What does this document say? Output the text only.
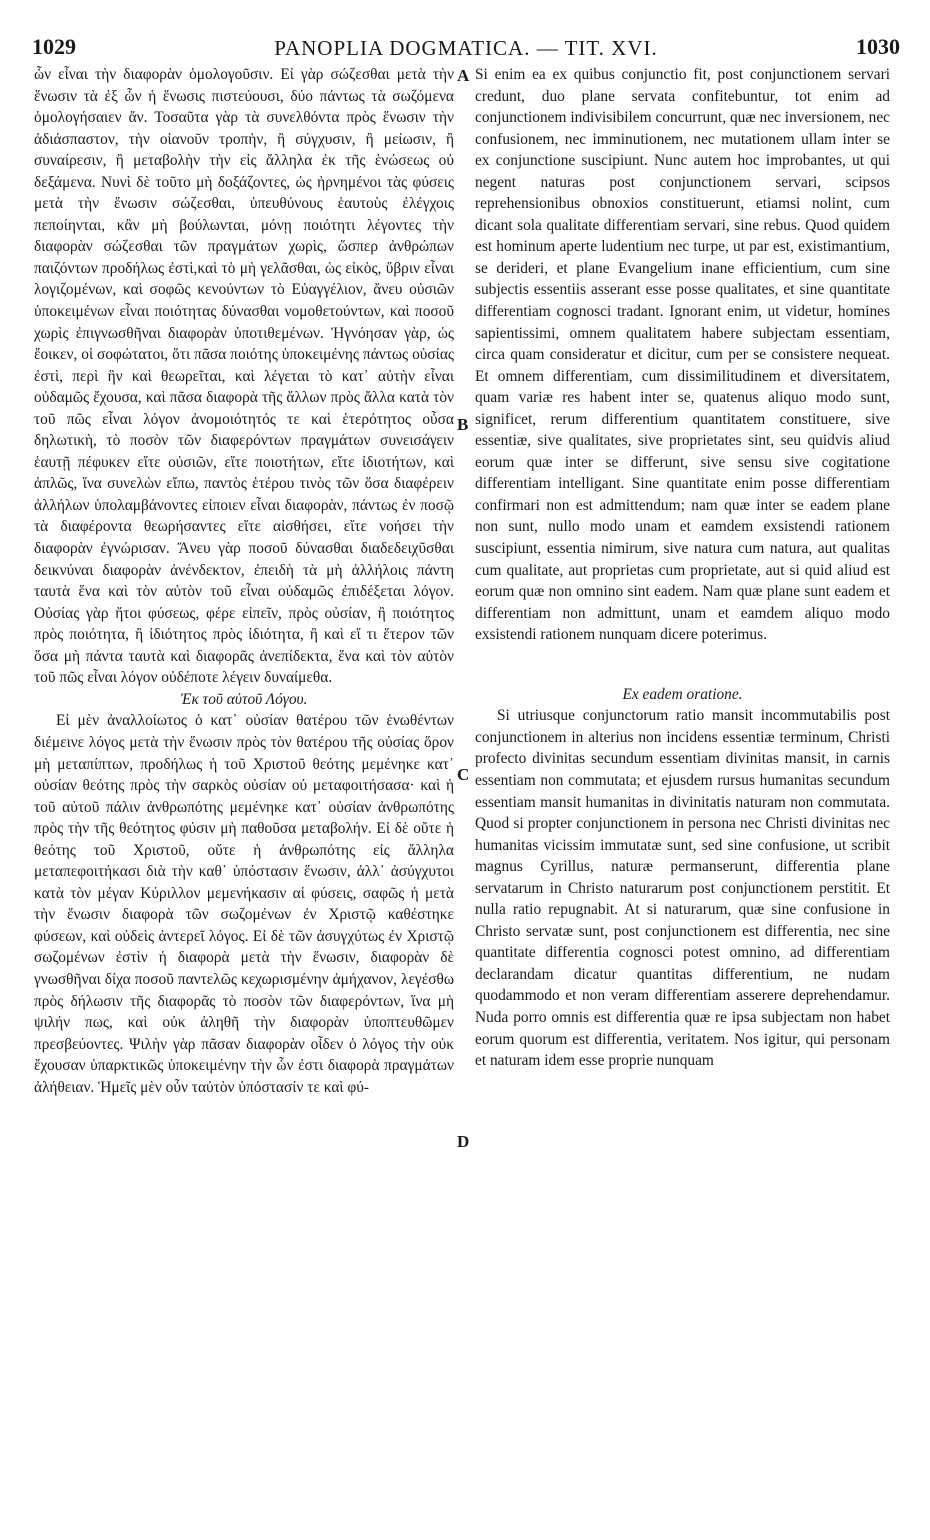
1029	PANOPLIA DOGMATICA. — TIT. XVI.	1030

ὧν εἶναι τὴν διαφορὰν ὁμολογοῦσιν. Εἰ γὰρ σώζεσθαι μετὰ τὴν ἕνωσιν τὰ ἐξ ὧν ἡ ἕνωσις πιστεύουσι, δύο πάντως τὰ σωζόμενα ὁμολογήσαιεν ἄν. Τοσαῦτα γὰρ τὰ συνελθόντα πρὸς ἕνωσιν τὴν ἀδιάσπαστον, τὴν οἱανοῦν τροπὴν, ἢ σύγχυσιν, ἢ μείωσιν, ἢ συναίρεσιν, ἢ μεταβολὴν τὴν εἰς ἄλληλα ἐκ τῆς ἑνώσεως οὐ δεξάμενα. Νυνὶ δὲ τοῦτο μὴ δοξάζοντες, ὡς ἠρνημένοι τὰς φύσεις μετὰ τὴν ἕνωσιν σώζεσθαι, ὑπευθύνους ἑαυτοὺς ἐλέγχοις πεποίηνται, κἂν μὴ βούλωνται, μόνῃ ποιότητι λέγοντες τὴν διαφορὰν σώζεσθαι τῶν πραγμάτων χωρὶς, ὥσπερ ἀνθρώπων παιζόντων προδήλως ἐστὶ,καὶ τὸ μὴ γελᾶσθαι, ὡς εἰκὸς, ὕβριν εἶναι λογιζομένων, καὶ σοφῶς κενούντων τὸ Εὐαγγέλιον, ἄνευ οὐσιῶν ὑποκειμένων εἶναι ποιότητας δύνασθαι νομοθετούντων, καὶ ποσοῦ χωρὶς ἐπιγνωσθῆναι διαφορὰν ὑποτιθεμένων. Ἠγνόησαν γὰρ, ὡς ἔοικεν, οἱ σοφώτατοι, ὅτι πᾶσα ποιότης ὑποκειμένης πάντως οὐσίας ἐστὶ, περὶ ἣν καὶ θεωρεῖται, καὶ λέγεται τὸ κατ᾽ αὐτὴν εἶναι οὐδαμῶς ἔχουσα, καὶ πᾶσα διαφορὰ τῆς ἄλλων πρὸς ἄλλα κατὰ τὸν τοῦ πῶς εἶναι λόγον ἀνομοιότητός τε καὶ ἑτερότητος οὖσα δηλωτικὴ, τὸ ποσὸν τῶν διαφερόντων πραγμάτων συνεισάγειν ἑαυτῇ πέφυκεν εἴτε οὐσιῶν, εἴτε ποιοτήτων, εἴτε ἰδιοτήτων, καὶ ἁπλῶς, ἵνα συνελὼν εἴπω, παντὸς ἑτέρου τινὸς τῶν ὅσα διαφέρειν ἀλλήλων ὑπολαμβάνοντες εἰποιεν εἶναι διαφορὰν, πάντως ἐν ποσῷ τὰ διαφέροντα θεωρήσαντες εἴτε αἰσθήσει, εἴτε νοήσει τὴν διαφορὰν ἐγνώρισαν. Ἄνευ γὰρ ποσοῦ δύνασθαι διαδεδειχῦσθαι δεικνύναι διαφορὰν ἀνένδεκτον, ἐπειδὴ τὰ μὴ ἀλλήλοις πάντη ταυτὰ ἕνα καὶ τὸν αὐτὸν τοῦ εἶναι οὐδαμῶς ἐπιδέξεται λόγον. Οὐσίας γὰρ ἤτοι φύσεως, φέρε εἰπεῖν, πρὸς οὐσίαν, ἢ ποιότητος πρὸς ποιότητα, ἢ ἰδιότητος πρὸς ἰδιότητα, ἢ καὶ εἴ τι ἕτερον τῶν ὅσα μὴ πάντα ταυτὰ καὶ διαφορᾶς ἀνεπίδεκτα, ἕνα καὶ τὸν αὐτὸν τοῦ πῶς εἶναι λόγον οὐδέποτε λέγειν δυναίμεθα.

Ἐκ τοῦ αὐτοῦ Λόγου.

Εἰ μὲν ἀναλλοίωτος ὁ κατ᾽ οὐσίαν θατέρου τῶν ἑνωθέντων διέμεινε λόγος μετὰ τὴν ἕνωσιν πρὸς τὸν θατέρου τῆς οὐσίας ὅρον μὴ μεταπίπτων, προδήλως ἡ τοῦ Χριστοῦ θεότης μεμένηκε κατ᾽ οὐσίαν θεότης πρὸς τὴν σαρκὸς οὐσίαν οὐ μεταφοιτήσασα· καὶ ἡ τοῦ αὐτοῦ πάλιν ἀνθρωπότης μεμένηκε κατ᾽ οὐσίαν ἀνθρωπότης πρὸς τὴν τῆς θεότητος φύσιν μὴ παθοῦσα μεταβολήν. Εἰ δὲ οὔτε ἡ θεότης τοῦ Χριστοῦ, οὔτε ἡ ἀνθρωπότης εἰς ἄλληλα μεταπεφοιτήκασι διὰ τὴν καθ᾽ ὑπόστασιν ἕνωσιν, ἀλλ᾽ ἀσύγχυτοι κατὰ τὸν μέγαν Κύριλλον μεμενήκασιν αἱ φύσεις, σαφῶς ἡ μετὰ τὴν ἕνωσιν διαφορὰ τῶν σωζομένων ἐν Χριστῷ καθέστηκε φύσεων, καὶ οὐδεὶς ἀντερεῖ λόγος. Εἰ δὲ τῶν ἀσυγχύτως ἐν Χριστῷ σωζομένων ἐστὶν ἡ διαφορὰ μετὰ τὴν ἕνωσιν, διαφορὰν δὲ γνωσθῆναι δίχα ποσοῦ παντελῶς κεχωρισμένην ἀμήχανον, λεγέσθω πρὸς δήλωσιν τῆς διαφορᾶς τὸ ποσὸν τῶν διαφερόντων, ἵνα μὴ ψιλήν πως, καὶ οὐκ ἀληθῆ τὴν διαφορὰν ὑποπτευθῶμεν πρεσβεύοντες. Ψιλὴν γὰρ πᾶσαν διαφορὰν οἶδεν ὁ λόγος τὴν οὐκ ἔχουσαν ὑπαρκτικῶς ὑποκειμένην τὴν ὧν ἐστι διαφορὰ πραγμάτων ἀλήθειαν. Ἡμεῖς μὲν οὖν ταὐτὸν ὑπόστασίν τε καὶ φύ-

A
B
C
D

Si enim ea ex quibus conjunctio fit, post conjunctionem servari credunt, duo plane servata confitebuntur, tot enim ad conjunctionem indivisibilem concurrunt, quæ nec inversionem, nec confusionem, nec imminutionem, nec mutationem ullam inter se ex conjunctione suscipiunt. Nunc autem hoc improbantes, ut qui negent naturas post conjunctionem servari, scipsos reprehensionibus obnoxios constituerunt, etiamsi nolint, cum dicant sola qualitate differentiam servari, sine rebus. Quod quidem est hominum aperte ludentium nec turpe, ut par est, existimantium, se derideri, et plane Evangelium inane efficientium, cum sine subjectis essentiis asserant esse posse qualitates, et sine quantitate differentiam cognosci tradant. Ignorant enim, ut videtur, homines sapientissimi, omnem qualitatem habere subjectam essentiam, circa quam consideratur et dicitur, cum per se consistere nequeat. Et omnem differentiam, cum dissimilitudinem et diversitatem, quam variæ res habent inter se, quatenus aliquo modo sunt, significet, rerum differentium quantitatem constituere, sive essentiæ, sive qualitates, sive proprietates sint, seu quidvis aliud eorum quæ inter se differunt, sive sensu sive cogitatione differentiam intelligant. Sine quantitate enim posse differentiam confirmari non est admittendum; nam quæ inter se eadem plane non sunt, nullo modo unam et eamdem exsistendi rationem suscipiunt, essentia nimirum, sive natura cum natura, aut qualitas cum qualitate, aut proprietas cum proprietate, aut si quid aliud est eorum quæ non omnino sint eadem. Nam quæ plane sunt eadem et differentiam non admittunt, unam et eamdem aliquo modo exsistendi rationem nunquam dicere poterimus.

Ex eadem oratione.

Si utriusque conjunctorum ratio mansit incommutabilis post conjunctionem in alterius non incidens essentiæ terminum, Christi profecto divinitas secundum essentiam divinitas mansit, in carnis essentiam non commutata; et ejusdem rursus humanitas secundum essentiam mansit humanitas in divinitatis naturam non commutata. Quod si propter conjunctionem in persona nec Christi divinitas nec humanitas vicissim immutatæ sunt, sed sine confusione, ut scribit magnus Cyrillus, naturæ permanserunt, differentia plane servatarum in Christo naturarum post conjunctionem perstitit. Et nulla ratio repugnabit. At si naturarum, quæ sine confusione in Christo servatæ sunt, post conjunctionem est differentia, nec sine quantitate differentia cognosci potest omnino, ad differentiam declarandam dicatur quantitas differentium, ne nudam quodammodo et non veram differentiam asserere deprehendamur. Nuda porro omnis est differentia quæ re ipsa subjectam non habet eorum quorum est differentia, veritatem. Nos igitur, qui personam et naturam idem esse proprie nunquam
